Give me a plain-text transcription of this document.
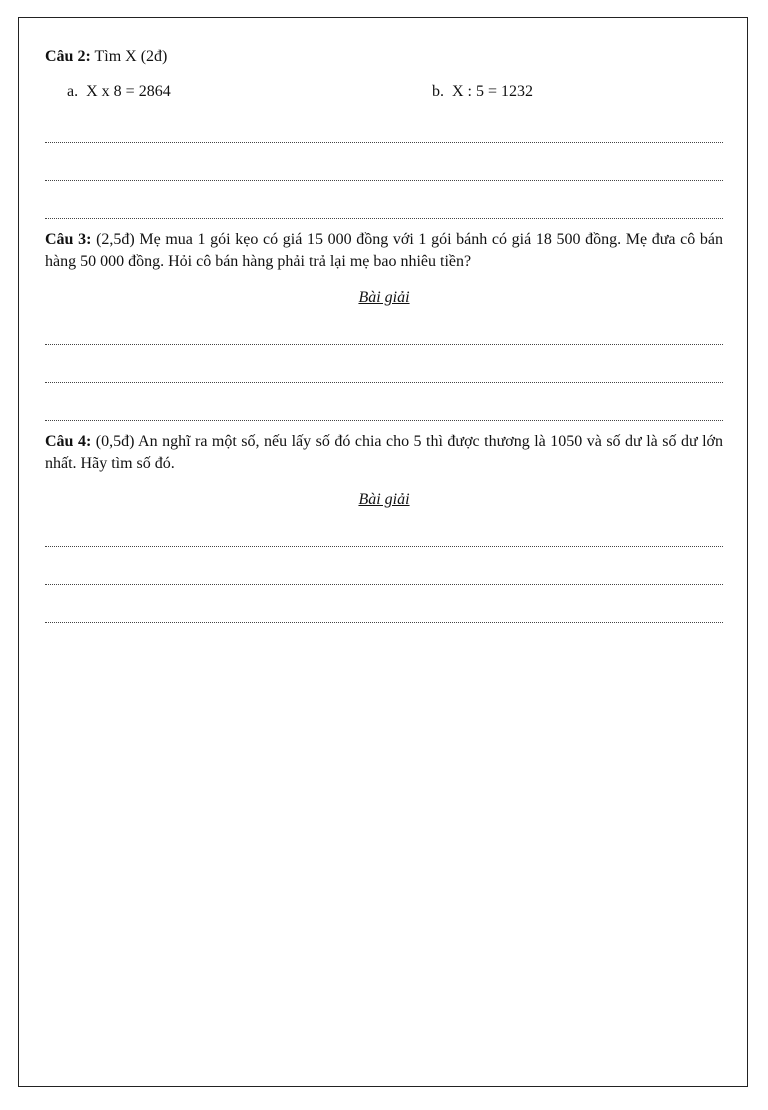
Câu 2: Tìm X (2đ)

a. X x 8 = 2864	b. X : 5 = 1232

Câu 3: (2,5đ) Mẹ mua 1 gói kẹo có giá 15 000 đồng với 1 gói bánh có giá 18 500 đồng. Mẹ đưa cô bán hàng 50 000 đồng. Hỏi cô bán hàng phải trả lại mẹ bao nhiêu tiền?

Bài giải

Câu 4: (0,5đ) An nghĩ ra một số, nếu lấy số đó chia cho 5 thì được thương là 1050 và số dư là số dư lớn nhất. Hãy tìm số đó.

Bài giải
